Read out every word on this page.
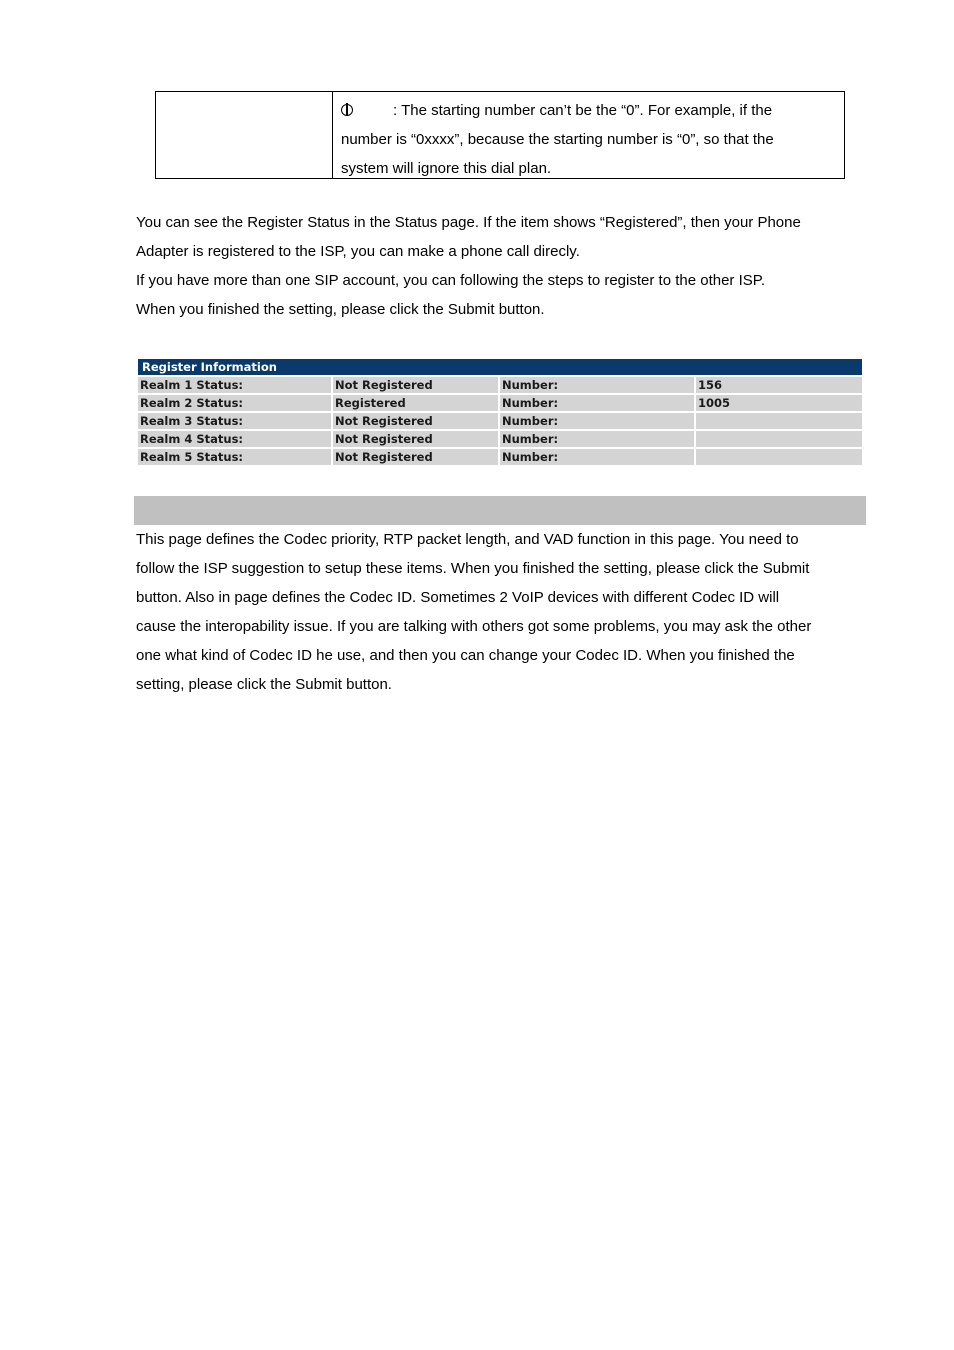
: The starting number can’t be the “0”. For example, if the
number is “0xxxx”, because the starting number is “0”, so that the
system will ignore this dial plan.
You can see the Register Status in the Status page. If the item shows “Registered”, then your Phone
Adapter is registered to the ISP, you can make a phone call direcly.
If you have more than one SIP account, you can following the steps to register to the other ISP.
When you finished the setting, please click the Submit button.
Register Information
Realm 1 Status:	Not Registered	Number:	156
Realm 2 Status:	Registered	Number:	1005
Realm 3 Status:	Not Registered	Number:
Realm 4 Status:	Not Registered	Number:
Realm 5 Status:	Not Registered	Number:
This page defines the Codec priority, RTP packet length, and VAD function in this page. You need to
follow the ISP suggestion to setup these items. When you finished the setting, please click the Submit
button. Also in page defines the Codec ID. Sometimes 2 VoIP devices with different Codec ID will
cause the interopability issue. If you are talking with others got some problems, you may ask the other
one what kind of Codec ID he use, and then you can change your Codec ID. When you finished the
setting, please click the Submit button.
